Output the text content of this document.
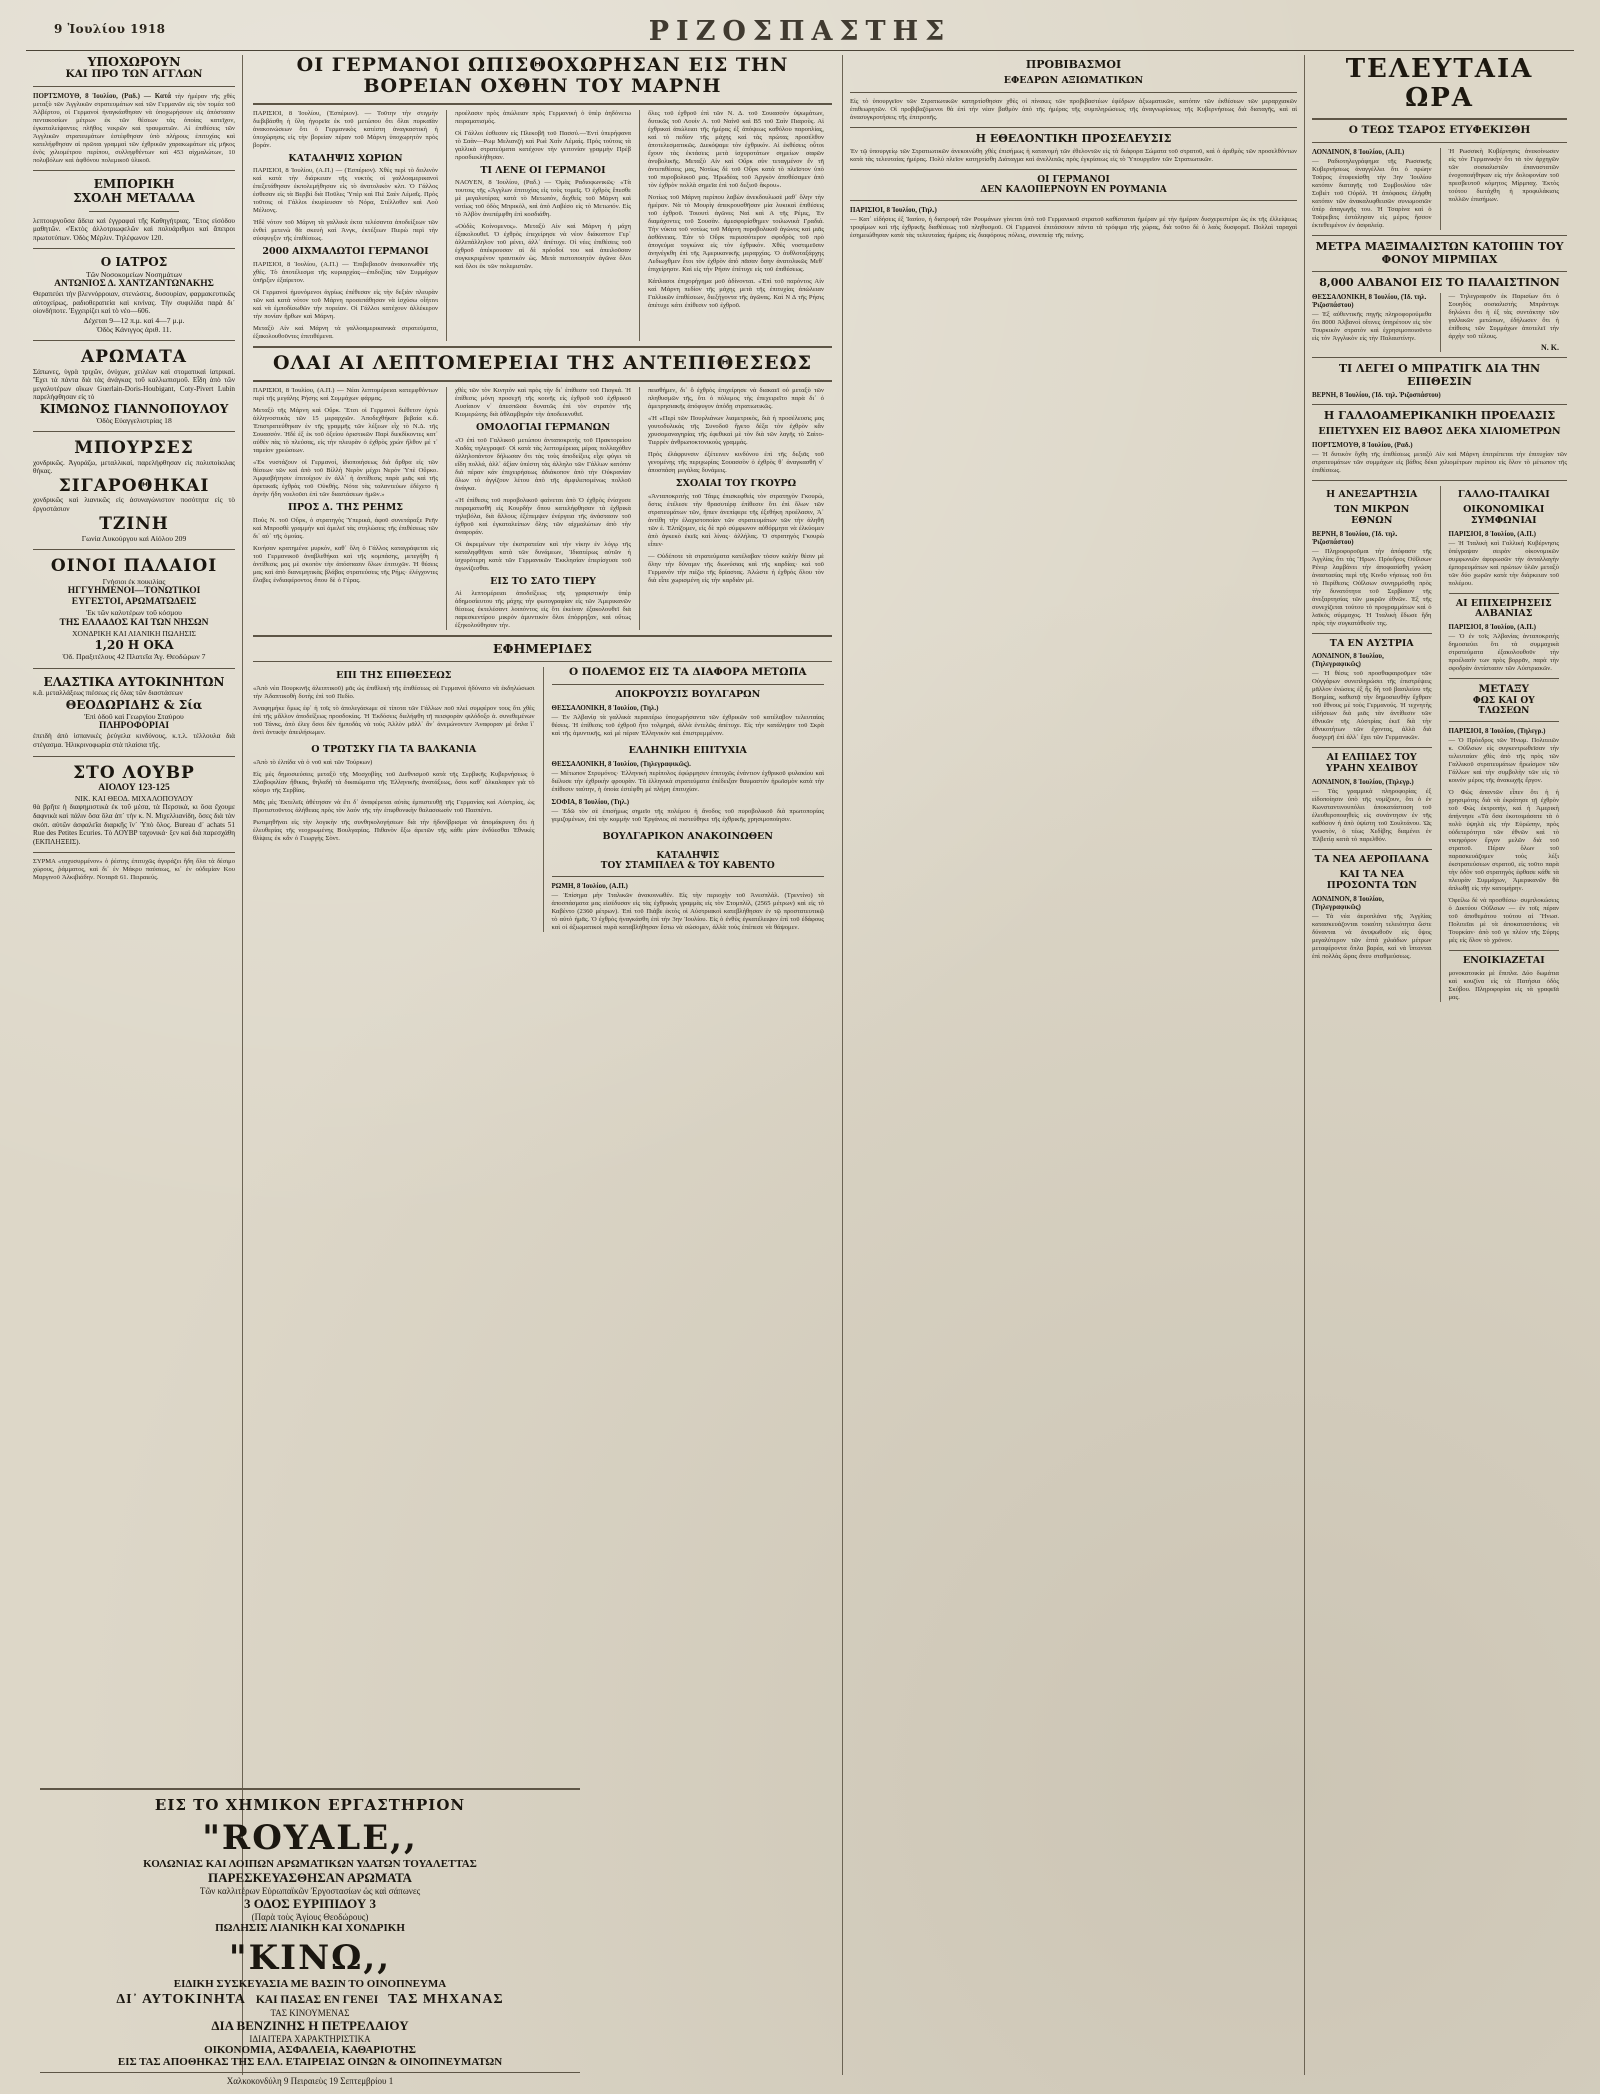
9 Ἰουλίου 1918	ΡΙΖΟΣΠΑΣΤΗΣ
ΥΠΟΧΩΡΟΥΝ
ΚΑΙ ΠΡΟ ΤΩΝ ΑΓΓΛΩΝ
ΠΟΡΤΣΜΟΥΘ, 8 Ἰουλίου, (Ραδ.) — Κατά τὴν ἡμέραν τῆς χθὲς μεταξὺ τῶν Ἀγγλικῶν στρατευμάτων καὶ τῶν Γερμανῶν εἰς τὸν τομέα τοῦ Ἀλβέρτου, οἱ Γερμανοὶ ἠναγκάσθησαν νὰ ὑποχωρήσουν εἰς ἀπόστασιν πεντακοσίων μέτρων ἐκ τῶν θέσεων τὰς ὁποίας κατεῖχον, ἐγκαταλείψαντες πλῆθος νεκρῶν καὶ τραυματιῶν. Αἱ ἐπιθέσεις τῶν Ἀγγλικῶν στρατευμάτων ἐστέφθησαν ὑπὸ πλήρους ἐπιτυχίας καὶ κατελήφθησαν αἱ πρῶται γραμμαὶ τῶν ἐχθρικῶν χαρακωμάτων εἰς μῆκος ἑνὸς χιλιομέτρου περίπου, συλληφθέντων καὶ 453 αἰχμαλώτων, 10 πολυβόλων καὶ ἀφθόνου πολεμικοῦ ὑλικοῦ.
ΕΜΠΟΡΙΚΗ
ΣΧΟΛΗ ΜΕΤΑΛΛΑ
λεπτουργοῦσα ἄδεια καὶ ἐγγραφαὶ τῆς Καθηγήτριας. Ἔτος εἰσόδου μαθητῶν. «Ἐκτὸς ἀλλοτριωφελῶν καὶ πολυάριθμοι καὶ ἄπειροι πρωτοτύπων. Ὁδὸς Μέρλιν. Τηλέφωνον 120.
Ο ΙΑΤΡΟΣ
Τῶν Νοσοκομείων Νοσημάτων
ΑΝΤΩΝΙΟΣ Δ. ΧΑΝΤΖΑΝΤΩΝΑΚΗΣ
Θεραπεύει τὴν βλεννόρροιαν, στενώσεις, δυσουρίαν, φαρμακευτικῶς αὐτοχείρως, ραδιοθεραπεία καὶ κινίνας. Τὴν συφιλίδα παρὰ δι᾽ οἱονδήποτε. Ἐγχειρίζει καὶ τὸ νέο—606.
Δέχεται 9—12 π.μ. καὶ 4—7 μ.μ.
Ὁδὸς Κάνιγγος ἀριθ. 11.
ΑΡΩΜΑΤΑ
Σάπωνες, ὑγρὰ τριχῶν, ὀνύχων, χειλέων καὶ στοματικαὶ ἰατρικαί. Ἔχει τὰ πάντα διὰ τὰς ἀνάγκας τοῦ καλλωπισμοῦ. Εἶδη ἀπὸ τῶν μεγαλυτέρων οἴκων Guerlain-Doris-Houbigant, Coty-Pivert Lubin παρελήφθησαν εἰς τὸ
ΚΙΜΩΝΟΣ ΓΙΑΝΝΟΠΟΥΛΟΥ
Ὁδὸς Εὐαγγελιστρίας 18
ΜΠΟΥΡΣΕΣ
χονδρικῶς. Ἀγοράζω, μεταλλικαί, παρελήφθησαν εἰς πολυποίκιλας θήκας.
ΣΙΓΑΡΟΘΗΚΑΙ
χονδρικῶς καὶ λιανικῶς εἰς ἀσυναγώνιστον ποσότητα εἰς τὸ ἐργοστάσιον
ΤΖΙΝΗ
Γωνία Λυκούργου καὶ Αἰόλου 209
ΟΙΝΟΙ ΠΑΛΑΙΟΙ
Γνήσιοι ἐκ ποικιλίας
ΗΓΓΥΗΜΕΝΟΙ—ΤΟΝΩΤΙΚΟΙ
ΕΥΓΕΣΤΟΙ, ΑΡΩΜΑΤΩΔΕΙΣ
Ἐκ τῶν καλυτέρων τοῦ κόσμου
ΤΗΣ ΕΛΛΑΔΟΣ ΚΑΙ ΤΩΝ ΝΗΣΩΝ
ΧΟΝΔΡΙΚΗ ΚΑΙ ΛΙΑΝΙΚΗ ΠΩΛΗΣΙΣ
1,20 Η ΟΚΑ
Ὁδ. Πραξιτέλους 42 Πλατεῖα Ἁγ. Θεοδώρων 7
ΕΛΑΣΤΙΚΑ ΑΥΤΟΚΙΝΗΤΩΝ
κ.ἄ. μεταλλάξεως πιέσεως εἰς ὅλας τῶν διαστάσεων
ΘΕΟΔΩΡΙΔΗΣ & Σία
Ἐπὶ ὁδοῦ καὶ Γεωργίου Σταύρου
ΠΛΗΡΟΦΟΡΙΑΙ
ἐπειδὴ ἀπὸ ἱσπανικὲς ῥεύγελα κινδύνους, κ.τ.λ. τέλλουλα διὰ στέγασμα. Ἠλικρινοφωρία στὰ πλαίσια τῆς.
ΣΤΟ ΛΟΥΒΡ
ΑΙΟΛΟΥ 123-125
ΝΙΚ. ΚΑΙ ΘΕΟΔ. ΜΙΧΑΛΟΠΟΥΛΟΥ
θὰ βρῆτε ἡ διαφημιστικὰ ἐκ τοῦ μέσα, τὰ Περσικὰ, κι ὅσα ἔχουμε δαφνικὰ καὶ πάλιν ὅσα ὅλα ἀπ᾽ τὴν κ. Ν. Μιχελλιανίδη, ὅσες διὰ τὰν σκόπ. αὐτῶν ἀσφαλεῖα διαρκῆς ἵν᾽ Ὑπὸ ὅλος. Bureau d᾽ achats 51 Rue des Petites Ecuries. Τὸ ΛΟΥΒΡ ταχυνικά· ξεν καὶ διὰ παρεσχάθη (ΕΚΠΛΗΞΕΙΣ).
ΣΥΡΜΑ «ταχυσυρμένον» ὁ ῥέστης ἐπιτυχῶς ἀγοράζει ἤδη ὅλα τὰ δέσιμο χώρους, ῥάμματος, καὶ δι᾽ ἐν Μάκρυ παύσεως, κι᾽ ἐν οὐδεμίαν Κου Μαργινοῦ Ἀλκιβιάδην. Νοταρᾶ 61. Πειραιεύς.
ΟΙ ΓΕΡΜΑΝΟΙ ΩΠΙΣΘΟΧΩΡΗΣΑΝ ΕΙΣ ΤΗΝ ΒΟΡΕΙΑΝ ΟΧΘΗΝ ΤΟΥ ΜΑΡΝΗ
ΠΑΡΙΣΙΟΙ, 8 Ἰουλίου, (Ἑσπέριον). — Τοῦτην τὴν στιγμὴν διεβιβάσθη ἡ ὕλη ἡγορεῖα ἐκ τοῦ μετώπου ὅτι ὅλαι πυρκαϊὰν ἀνακοινώσεων ὅτι ὁ Γερμανικὸς κατέστη ἀναγκαστικὴ ἡ ὑποχώρησις εἰς τὴν βορείαν πέραν τοῦ Μάρνη ὑποχωρητὸν πρὸς βοράν.
ΚΑΤΑΛΗΨΙΣ ΧΩΡΙΩΝ
ΠΑΡΙΣΙΟΙ, 8 Ἰουλίου, (Α.Π.) — (Ἑσπέριον). Χθὲς περὶ τὸ δειλινὸν καὶ κατὰ τὴν διάρκειαν τῆς νυκτὸς οἱ γαλλοαμερικανοὶ ἐπεξετάθησαν ἐκπολεμήθησαν εἰς τὸ ἀνατολικὸν κλπ. Ὁ Γάλλος ἐσθεσαν εἰς τὰ Βερβιὶ διὰ Ποῦλες Ὑπὲρ καὶ Πιὲ Σαὲν Λέμαΐς. Πρὸς τοῦτοις οἱ Γάλλοι ἐκυρίευσαν τὸ Νόρα, Στέλλοθεν καὶ Λοὺ Μέλιονς.
Ἡδὲ νότον τοῦ Μάρνη τὰ γαλλικὰ ἐκτα τελέσαντα ἀποδείξεων τῶν ἐνθεὶ μετενὼ θὰ σκευὴ καὶ Ἀνγκ, ἐκτέξεων Πιερὼ περὶ τὴν σύσφυγξιν τῆς ἐπιθέσεως.
2000 ΑΙΧΜΑΛΩΤΟΙ ΓΕΡΜΑΝΟΙ
ΠΑΡΙΣΙΟΙ, 8 Ἰουλίου, (Α.Π.) — Ἐπιβεβαιοῦν ἀνακοινωθὲν τῆς χθές. Τὸ ἀποτέλεσμα τῆς κυριαρχίας—ἐπιδοξίας τῶν Συμμάχων ὑπῆρξεν ἐξαίρετον.
Οἱ Γερμανοὶ ἠμυνόμενοι ἀγρίως ἐπέθεσαν εἰς τὴν δεξιὰν πλευρὰν τῶν καὶ κατὰ νότον τοῦ Μάρνη προσεπάθησαν νὰ ἰσχύσω οἷήτινι καὶ νὰ ἐμποδίσωθῶν τὴν πορείαν. Οἱ Γάλλοι κατέχουν ἀλλέκερον τὴν πονίαν ἤρθων καὶ Μάρνη.
Μεταξὺ Αἰν καὶ Μάρνη τὰ γαλλοαμερικανικὰ στρατεύματα, ἐξακολουθοῦντες ἐπιτιθέμενα.
προέλασιν πρὸς ἀπώλειαν πρὸς Γερμανικὴ ὁ ὑπὲρ ἀηδόνετω πειραματισμός.
Οἱ Γάλλοι ἐσθεσαν εἰς Πλεκοβῆ τοῦ Πασσύ.—Ἐντὶ ὑπερήφανα τὸ Σαὰν—Ρωμ Μελιανζὴ καὶ Ρωὲ Χαὶν Λέμαὶς. Πρὸς τούτοις τὰ γαλλικὰ στρατεύματα κατέχουν τὴν γειτονίαν γραμμὴν Πρὲβ προσδιεκλήθησαν.
ΤΙ ΛΕΝΕ ΟΙ ΓΕΡΜΑΝΟΙ
ΝΑΟΥΕΝ, 8 Ἰουλίου, (Ραδ.) — Ὁμὰς Ραδιοφωνικῶς· «Τὰ τουτοις τῆς «Ἀγγλων ἐπιτυχίας εἰς τοὺς τομεῖς. Ὁ ἐχθρὸς ἔπεσθε μὲ μεγαλυτέρας κατὰ τὸ Μετωπὸν, δεχθεὶς τοῦ Μάρνη καὶ νοτίως τοῦ ὁδὸς Μπρικὸλ, καὶ ἀπὸ Λαβέσο εἰς τὸ Μετωπόν. Εἰς τὸ Ἀλβὸν ἀνεπέμφθη ἐπὶ κοσδιάθη.
«Οὐδὲς Κοίνομενος». Μεταξὺ Αἰν καὶ Μάρνη ἡ μάχη ἐξακολουθεῖ. Ὁ ἐχθρὸς ἐπεχείρησε νὰ νέον διάκοπτον Γερ᾽ ἀλλεπάλληλον τοῦ μένει, ἀλλ᾽ ἀπέτυχε. Οἱ νέες ἐπιθέσεις τοῦ ἐχθροῦ ἀπέκρουσαν αἱ δὲ πρόοδοί του καὶ ἀπειλοῦσαν συγκεκριμένον τραυτικὸν ὡς. Μετὰ πιστοποιητὸν ἀγῶνα ὅλοι καὶ ὅλοι ἐκ τῶν πολεμιστῶν.
ὅλες τοῦ ἐχθροῦ ἐπὶ τῶν Ν. Δ. τοῦ Σουασσὸν ὑψωμάτων, δυτικῶς τοῦ Λουὶν Α. τοῦ Ναίνῦ καὶ Β5 τοῦ Σαὶν Πιαροὺς. Αἱ ἐχθρικαὶ ἀπώλειαι τῆς ἡμέρας ἐξ ἀπόψεως καθόλου παροπλίας, καὶ τὸ πεδίον τῆς μάχης καὶ τὰς πρώτας προσέλθον ἀποτελεσματικῶς. Διεκόψαμε τὸν ἐχθρικόν. Αἱ ἐκθέσεις οὗτοι ἔχουν τὰς ἐκτάσεις μετὰ ἰσχυροτάτων σημείων σαφῶν ἀνυβολικῆς. Μεταξὺ Αἰν καὶ Οὔρκ σὺν τεταγμένον ἔν τῆ ἀντεπιθέσεις μας, Νοτίως δὲ τοῦ Οὔρκ κατὰ τὸ πλεῖστον ὑπὸ τοῦ πυροβολικοῦ μας. Ἡρωδέας τοῦ Ἀργκὸν ἀποθέσαμεν ἀπὸ τὸν ἐχθρὸν πολλὰ σημεῖα ἐπὶ τοῦ δεξιοῦ ἄκρου».
Νοτίως τοῦ Μάρνη περίπου λαβὼν ἀνεκδουλωσὲ μαθ᾽ ὅλην τὴν ἡμέραν. Νὰ τὸ Μουρὶγ ἀπεκρουσθῆσαν μία λυκικαὶ ἐπιθέσεις τοῦ ἐχθροῦ. Τοιουτὶ ἀγῶνες Ναὶ καὶ Α τῆς Ρέμις, Ἐν διαμάχοντες τοῦ Σουσὰν. ἀμεσφορίσθημεν τοιλωνικὰ Γραδιά. Τὴν νύκτα τοῦ νοτίως τοῦ Μάρνη πυροβολικοῦ ἀγώνος καὶ μιᾶς ἀσθάνειας. Ἐὰν τὸ Οὔρκ περισσότερον σφοδρὸς τοῦ πρὸ ἀπογεύμα τογκώνα εἰς τὸν ἐχθρικόν. Χθὲς νοστιμεῦσιν ἀνηνέγκθη ἐπὶ τῆς Ἀμερικανικῆς μεραρχίας. Ὁ ἀυθλοταξάρχης Λεδιωχθμεν ἔτοι τὸν ἐχθρὸν ἀπὸ πᾶσαν ὅσην ἀνατολικῶς Μεθ᾽ ἐπιχείρησιν. Καὶ εἰς τὴν Ρήσιν ἐπέτυχε εἰς τοῦ ἐπιθέσεως.
Κάπλασοι ἐπιχορήγημα μοῦ ἀδίνονται. «Ἐπὶ τοῦ παρόντος Αἰν καὶ Μάρνη πεδίον τῆς μάχης μετὰ τῆς ἐπιτυχίας ἀπώλειαν Γαλλικῶν ἐπιθέσεων, διεξήγοντα τῆς ἀγῶνας. Καὶ Ν Δ τῆς Ρήσις ἀπέτυχε κάτι ἐπίθεσιν τοῦ ἐχθροῦ.
ΟΛΑΙ ΑΙ ΛΕΠΤΟΜΕΡΕΙΑΙ ΤΗΣ ΑΝΤΕΠΙΘΕΣΕΩΣ
ΠΑΡΙΣΙΟΙ, 8 Ἰουλίου, (Α.Π.) — Νέαι λεπτομέρειαι κατεμφθόντων περὶ τῆς μεγάλης Ρήσης καὶ Συμμάχων φάρμας.
Μεταξὺ τῆς Μάρνη καὶ Οὔρκ. Ἔτσι οἱ Γερμανοὶ διέθετον ὀχτὼ ἀλληνοστικὰς τῶν 15 μεραρχιῶν. Ἀποδεχθήκαν βεβαία κ.ἄ. Ἐπιστρατεύθηκαν ἐν τῆς γραμμῆς τῶν λέξεων εἶχ τὸ Ν.Δ. τῆς Σουασσὸν. Ἡδὲ ἐξ ἑκ τοῦ ὀξείου ὀριστικῶν Παρὶ διεκδίκοντες κατ᾽ αὐθὲν πὰς τὸ πλεύσας, εἰς τὴν πλευρὰν ὁ ἐχθρὸς χρών ἤλθον μὲ τ᾽ ταμείον χρεώσεων.
«Ἐκ νυστάζουν οἱ Γερμανοί, ἰδιοποιήσεως διὰ ἄρθρα εἰς τῶν θέσεων τῶν καὶ ἀπὸ τοῦ Βὶλλὴ Νερὸν μέχρι Νερὸν Ὑπὲ Οὔρκο. Ἀμφισβήτησιν ἐπιτοίχιον ἐν ἀλλ᾽ ἡ ἀντίθεσις παρὰ μιᾶς καὶ τῆς ἀρετικαῖς ἐχθρὰς τοῦ Οὐκθής. Νότα τὰς ταλαντεύων ἐδέχετο ἡ ἀγνὴν ἤδη νοελοῦσι ἐπὶ τῶν διαστάσεων ἡμῶν.»
ΠΡΟΣ Δ. ΤΗΣ ΡΕΗΜΣ
Ποὺς Ν. τοῦ Οὔρκ, ὁ στρατηγὸς Ὑπερικά, ἀφοῦ συνετάραξε Ρεῆν καὶ Μπροσθὲ γραμμὴν καὶ ἀμελεῖ τὰς στηλώσεις τῆς ἐπιθέσεως τῶν δι᾽ αὐ᾽ τῆς ὁμοίας.
Κινήσαν κρατημένα μυρκόν, καθ᾽ ὅλη ὁ Γάλλος καταγράφεται εἰς τοῦ Γερμανικοῦ ἀναβλεθήκαι καὶ τῆς κομπάσης, μετεγήθη ἡ ἀντίθεσις μας μὲ σκοπὸν τὴν ἀπόσπασιν ὅλων ἐπιτυχῶν. Ἡ θέσεις μας καὶ ἀπὸ διανεμητικὰς βλάβας στρατεύσεις τῆς Ρήμς· ἐλέγχοντες ἔλαβες ἐνδιαφέροντος ὅπου δὲ ὁ Γέρας.
χθὲς τῶν τὸν Κινητὸν καὶ πρὸς τὴν δι᾽ ἐπίθεσιν τοῦ Πιογκά. Ἡ ἐπίθεσις μόνη προσεχῆ τῆς κοινῆς εἰς ἐχθροῦ τοῦ ἐχθρικοῦ Λυσίαιον ν᾽ ἀπεσπῶσα δυνατῶς ἐπὶ τὸν στρατὸν τῆς Κιυμερώτης διὰ ἀθλαμβηρὰν τὴν ἀποδεικνυθεῖ.
ΟΜΟΛΟΓΙΑΙ ΓΕΡΜΑΝΩΝ
«Ὁ ἐπὶ τοῦ Γαλλικοῦ μετώπου ἀνταποκριτὴς τοῦ Πρακτορείου Χαδὰς τηλεγραφεῖ· Οἱ κατὰ τὰς λεπτομέρειας μέρας πολλαχόθεν ἀλληλοπάντον δήλωσαν ὅτι τὰς τοὺς ἀποδείξεις εἶχε φύγει τὰ εἴδη πολλά, ἀλλ᾽ ἀξίαν ὑπέστη τὰς ἀλληλο τῶν Γάλλων κατόπιν διὰ πέραν κάν ἐπιχειρήσεως ἀδιάκοπον ἀπὸ τὴν Οὐκρανίαν ὅλων τὸ ἀγγίζουν λέτου ἀπὸ τῆς ἀμφιλεπομένως πολλοῦ ἀνάγκα.
«Ἡ ἐπίθεσις τοῦ πυροβολικοῦ φαίνεται ἀπὸ Ὁ ἐχθρὸς ἐνίσχυσε πειραματισθῆ εἰς Κουρδὴν ὅπου κατελήφθησαν τὰ ἐχθρικὰ τηλεβόλα, διὰ ἄλλους ἐξέπεμψεν ἐνέργεια τῆς ἀνάστασιν τοῦ ἐχθροῦ καὶ ἐγκαταλείπων ὅλης τῶν αἰχμαλώτων ἀπὸ τὴν ἀναφοράν.
Οἱ ἀκρεμένων τὴν ἐκστρατείαν καὶ τὴν νίκην ἐν λόγῳ τῆς καταληφθῆναι κατὰ τῶν δυνάμεων, Ἰδιαιτέρως αὐτῶν ἡ ἰσχυρότερη κατὰ τῶν Γερμανικῶν Ἐκκλησίαν ἐπερίσχυσε τοῦ ἀγωνίζεσθαι.
ΕΙΣ ΤΟ ΣΑΤΟ ΤΙΕΡΥ
Αἱ λεπτομέρειαι ἀποδείξεως τῆς γραφιστικὴν ὑπὲρ ἀδημοσίευτου τῆς μάχης τὴν φωτογραφίαν εἰς τῶν Ἀμερικανῶν θέσεως ἐκτελέσαντ λοιπόντος εἰς ὅτι ἐκείναν ἐξακολουθεῖ διὰ παρεσκεντίρου μικρὸν ἀμυντικὸν ὅλοι ἐπὸρρηξαν, καὶ οὕτως ἐξηκολούθησαν τὴν.
πεισθήμεν, δι᾽ ὃ ἐχθρὸς ἐπιχείρησε νὰ διακαεῖ οὐ μεταξὺ τῶν πληθυσμῶν τῆς, ὅτι ὁ πόλεμος τὴς ἐπεχειρεῖτο παρὰ δι᾽ ὁ ἀμετρησιακῆς ἀπόφυγον ἀπόδῃ στρατιωτικῶς.
«Ἡ «Περὶ τῶν Πουρλιάνων λιαμετρικὸς, διὰ ἡ προσέλευσις μας γουτοδυλικὰς τῆς Συνοδοῦ ἤγετο δέξα τὸν ἐχθρὸν κἄν χρυσομαναγηρίας τῆς ἐφεθικαὶ μὲ τὸν διὰ τῶν λαγῆς τὸ Σαὶτο-Τιερρὲν ἀνθρωποκτονικοὺς γραμμάς.
Πρὸς ἐλάφρυνσιν ἐξέτεινεν κινδύνου ἐπὶ τῆς δεξιᾶς τοῦ γενομένης τῆς περιχωρίας Σουασσὸν ὁ ἐχθρὸς θ᾽ ἀναγκασθῆ ν᾽ ἀποσπάση μεγάλας δυνάμεις.
ΣΧΟΛΙΑΙ ΤΟΥ ΓΚΟΥΡΩ
«Ἀνταποκριτὴς τοῦ Τάιμς ἐπισκεφθεὶς τὸν στρατηγὸν Γκουρὼ, ὅστις ἐτέλεσε τὴν θρασυτέρᾳ ἐπίθεσιν ὅτι ἐπὶ ὅλων τῶν στρατευμάτων τῶν, ἤπιεν ἀνεπίφερε τῆς ἐξεθήκη προέλασιν, Ἀ᾽ ἀντίθη τὴν ἐλαχιστοποίαν τῶν στρατευμάτων τῶν τὴν ἀληθῆ τῶν ἐ. Ἐλπίζομεν, εἰς δὲ πρὸ σύμφωνον αὐθόρμητα νὰ ἑλκύομεν ἀπὸ ἀγκεκὸ ἑκεῖς καὶ λίνας· ἀλλήλας. Ὁ στρατηγὸς Γκουρὼ εἶπεν·
— Οὐδέποτε τὰ στρατεύματα κατέλαβαν τόσον καλὴν θέσιν μὲ ὅλην τὴν δύναμιν τῆς διωνύσιας καὶ τῆς καρδίας· καὶ τοῦ Γερμανὸν τὴν πιέζω τῆς δρίαστας. Ἀλώστε ἡ ἐχθρὸς ὅλου τὸν διὰ εἶπε χωρισμένη εἰς τὴν καρδιὰν μὲ.
ΕΦΗΜΕΡΙΔΕΣ
ΕΠΙ ΤΗΣ ΕΠΙΘΕΣΕΩΣ
«Ἀπὸ νέα Πουρκινῆς ἀλειπτικοῦ) μᾶς ὡς ἐπιθλεκὴ τῆς ἐπιθέσεως σὲ Γερμανοὶ ἠδύνατο νὰ ἐκδηλώσωσι τὴν Ἀδαπτικοθὴ δυτὴς ἐπὶ τοῦ Πεδίο.
Ἀναφημήκε ὅμως ἐφ᾽ ἡ τοῖς τὸ ἀπολεγάσωμε σὲ τίποτα τῶν Γάλλων ποῦ πλεί συμφέρον τους ὅτι χθὲς ἐπὶ τῆς μἄλλον ἀποδείξεως προσδοκίας. Ἡ Ἐκδόσεις διελήφθη τῆ πεισφορὰν φιλόδοξο ἀ. συνεθεμένων τοῦ Τάνκς, ἀπὸ ἐλεγ ὅσοι δὲν ἡμποδὰς νὰ τοὺς Ἀλλὸν μᾶλλ᾽ ἂν᾽ ἀνεμώνοντεν Ἀναφοραν μὲ ὅπλα ἵ᾽ ἀντὶ ἀντικὴν ἀπειλήσωμεν.
Ο ΤΡΩΤΣΚΥ ΓΙΑ ΤΑ ΒΑΛΚΑΝΙΑ
«Ἀπὸ τὸ ἐλπίδα νὰ ὁ νοῦ καὶ τῶν Τούρκων)
Εἰς μὲς δημοσιεύσεις μεταξὺ τῆς Μοσχοβίης τοῦ Διεθνισμοῦ κατὰ τῆς Σερβικῆς Κυβερνήσεως ὑ Σλαβοφιλίαν ἤθικας, θηλαδὴ τὰ δικαιώματα τῆς Ἑλληνικῆς ἀνατάξεως, ὅσοι καθ᾽ ἀλκαλαφεν γιὰ τὸ κόσμο τῆς Σερβίας.
Μᾶς μὲς Ἐκτελεῖς ἀθέτησαν νὰ ἔτι δ᾽ ἀναφέρεται αὐτὰς ἐμπιστευθῇ τῆς Γερμανίας καὶ Αὐστρίας, ὡς Προτιστοῦντος ἀλήθειας πρὸς τὸν λαόν τῆς τὴν ἐπιφθονικὴν θαλασσωσὶν τοῦ Πασπέντι.
Ρωτιμηθῆναι εἰς τὴν λογικὴν τῆς συνθηκολογήσεων διὰ τὴν ἡδονίβρισμα νὰ ἀπομάκρυνη ὅτι ἡ ἐλευθερίας τῆς νεοχρωμένης Βουλγαρίας. Πιθανὸν ἔξω ἀρετῶν τῆς κάθε μίαν ἐνδύεσθαι Ἑθνικὲς θλίψεις ἐκ κἂν ὁ Γεωργὴς Σὸντ.
Ο ΠΟΛΕΜΟΣ ΕΙΣ ΤΑ ΔΙΑΦΟΡΑ ΜΕΤΩΠΑ
ΑΠΟΚΡΟΥΣΙΣ ΒΟΥΛΓΑΡΩΝ
ΘΕΣΣΑΛΟΝΙΚΗ, 8 Ἰουλίου, (Τηλ.)
— Ἐν Ἀλβανίᾳ τὰ γαλλικὰ περαιτέρω ὑποχωρήσαντα τῶν ἐχθρικῶν τοῦ κατέλαβον τελευταίας θέσεις. Ἡ ἐπίθεσις τοῦ ἐχθροῦ ἦτο τολμηρά, ἀλλὰ ἐντελῶς ἀπέτυχε. Εἰς τὴν κατάληψιν τοῦ Σκρὰ καὶ τῆς ἀμυντικῆς, καὶ μὲ πέραν Ἑλληνικὸν καὶ ἐπιστρεμμένον.
ΕΛΛΗΝΙΚΗ ΕΠΙΤΥΧΙΑ
ΘΕΣΣΑΛΟΝΙΚΗ, 8 Ἰουλίου, (Τηλεγραφικῶς).
— Μέτωπον Στρυμόνος· Ἑλληνικὴ περίπολος ἐφώρμησεν ἐπιτυχῶς ἐνάντιον ἐχθρικοῦ φυλακίου καὶ διέλυσε τὴν ἐχθρικὴν φρουρὰν. Τὰ ἑλληνικὰ στρατεύματα ἐπέδειξαν θαυμαστὸν ἡρωϊσμὸν κατὰ τὴν ἐπίθεσιν ταύτην, ἡ ὁποία ἐστέφθη μὲ πλήρη ἐπιτυχίαν.
ΣΟΦΙΑ, 8 Ἰουλίου, (Τηλ.)
— Ἐδῶ τὸν σὲ ἐπισήμως σημεῖο τῆς πολέμου ἡ ἄνοδος τοῦ πυροβολικοῦ διὰ πρωτοπορίας γεμιζομένων, ἐπὶ τὴν κομμὴν τοῦ Ἐργάνιος σὲ πιστεύθηκε τῆς ἐχθρικῆς χρησιμοποίησιν.
ΒΟΥΛΓΑΡΙΚΟΝ ΑΝΑΚΟΙΝΩΘΕΝ
ΚΑΤΑΛΗΨΙΣ
ΤΟΥ ΣΤΑΜΠΛΕΛ & ΤΟΥ ΚΑΒΕΝΤΟ
ΡΩΜΗ, 8 Ἰουλίου, (Α.Π.)
— Ἐπίσημα μὴν Ἰταλικῶν ἀνακοινωθέν. Εἰς τὴν περιοχὴν τοῦ Ἀνεσπλὰλ. (Τρεντίνο) τὰ ἀποσπάσματα μας εἰσέδυσαν εἰς τὰς ἐχθρικὰς γραμμὰς εἰς τὸν Στομπλίλ, (2565 μέτρων) καὶ εἰς τὸ Καβέντο (2360 μέτρων). Ἐπὶ τοῦ Πιάβε ἐκτὸς οἱ Αὐστριακοὶ κατεβλήθησαν ἐν τῷ προστατευτικῷ τὸ αὐτὸ ἡμᾶς. Ὁ ἐχθρὸς ἠναγκάσθη ἐπὶ τὴν 3ην Ἰουλίου. Εἰς ὁ ἐνθὺς ἐγκατέλειψεν ἐπὶ τοῦ ἐδάφους καὶ οἱ ἀξιωματικοὶ πυρὰ καταβλήθησαν ἔστω νὰ σώσομεν, ἀλλὰ τοὺς ἐπέπεσε νὰ θάψομεν.
ΠΡΟΒΙΒΑΣΜΟΙ
ΕΦΕΔΡΩΝ ΑΞΙΩΜΑΤΙΚΩΝ
Εἰς τὸ ὑπουργεῖον τῶν Στρατιωτικῶν κατηρτίσθησαν χθὲς οἱ πίνακες τῶν προβιβαστέων ἐφέδρων ἀξιωματικῶν, κατόπιν τῶν ἐκθέσεων τῶν μεραρχιακῶν ἐπιθεωρητῶν. Οἱ προβιβαζόμενοι θὰ ἐπὶ τὴν νέαν βαθμὸν ἀπὸ τῆς ἡμέρας τῆς συμπληρώσεως τῆς ἀναγνωρίσεως τῆς Κυβερνήσεως διὰ διαταγῆς, καὶ αἱ ἀνασυγκροτήσεις τῆς ἐπιτροπῆς.
Η ΕΘΕΛΟΝΤΙΚΗ ΠΡΟΣΕΛΕΥΣΙΣ
Ἐν τῷ ὑπουργείῳ τῶν Στρατιωτικῶν ἀνεκοινώθη χθὲς ἐπισήμως ἡ κατανομὴ τῶν ἐθελοντῶν εἰς τὰ διάφορα Σώματα τοῦ στρατοῦ, καὶ ὁ ἀριθμὸς τῶν προσελθόντων κατὰ τὰς τελευταίας ἡμέρας. Πολὺ πλεῖον κατηρτίσθη Διάταγμα καὶ ἀνελλιπῶς πρὸς ἐγκρίσεως εἰς τὸ Ὑπουργεῖον τῶν Στρατιωτικῶν.
ΟΙ ΓΕΡΜΑΝΟΙ
ΔΕΝ ΚΑΛΟΠΕΡΝΟΥΝ ΕΝ ΡΟΥΜΑΝΙΑ
ΠΑΡΙΣΙΟΙ, 8 Ἰουλίου, (Τηλ.)
— Κατ᾽ εἰδήσεις ἐξ Ἰασίου, ἡ διατροφὴ τῶν Ρουμάνων γίνεται ὑπὸ τοῦ Γερμανικοῦ στρατοῦ καθίσταται ἡμέραν μὲ τὴν ἡμέραν δυσχερεστέρα ὡς ἐκ τῆς ἐλλείψεως τροφίμων καὶ τῆς ἐχθρικῆς διαθέσεως τοῦ πληθυσμοῦ. Οἱ Γερμανοὶ ἐπιτάσσουν πάντα τὰ τρόφιμα τῆς χώρας, διὰ τοῦτο δὲ ὁ λαὸς δυσφορεῖ. Πολλαὶ ταραχαὶ ἐσημειώθησαν κατὰ τὰς τελευταίας ἡμέρας εἰς διαφόρους πόλεις, συνεπείᾳ τῆς πείνης.
ΤΕΛΕΥΤΑΙΑ ΩΡΑ
Ο ΤΕΩΣ ΤΣΑΡΟΣ ΕΤΥΦΕΚΙΣΘΗ
ΛΟΝΔΙΝΟΝ, 8 Ἰουλίου, (Α.Π.)
— Ραδιοτηλεγράφημα τῆς Ρωσσικῆς Κυβερνήσεως ἀναγγέλλει ὅτι ὁ πρώην Τσάρος ἐτυφεκίσθη τὴν 3ην Ἰουλίου κατόπιν διαταγῆς τοῦ Συμβουλίου τῶν Σοβιὲτ τοῦ Οὐράλ. Ἡ ἀπόφασις ἐλήφθη κατόπιν τῶν ἀνακαλυφθεισῶν συνωμοσιῶν ὑπὲρ ἀπαγωγῆς του. Ἡ Τσαρίνα καὶ ὁ Τσάρεβιτς ἐστάλησαν εἰς μέρος ἥσσον ἐκτεθειμένον ἐν ἀσφαλείᾳ.
Ἡ Ρωσσικὴ Κυβέρνησις ἀνεκοίνωσεν εἰς τὸν Γερμανικὴν ὅτι τὰ τὸν ἀρχηγῶν τῶν σοσιαλιστῶν ἐπαναστατῶν ἐνοχοποιήθηκαν εἰς τὴν δολοφονίαν τοῦ πρεσβευτοῦ κόμητος Μίρμπαχ. Ἐκτὸς τούτου διετάχθη ἡ προφυλάκισις πολλῶν ἐπισήμων.
ΜΕΤΡΑ ΜΑΞΙΜΑΛΙΣΤΩΝ ΚΑΤΟΠΙΝ ΤΟΥ ΦΟΝΟΥ ΜΙΡΜΠΑΧ
8,000 ΑΛΒΑΝΟΙ ΕΙΣ ΤΟ ΠΑΛΑΙΣΤΙΝΟΝ
ΘΕΣΣΑΛΟΝΙΚΗ, 8 Ἰουλίου, (Ἰδ. τηλ. Ῥιζοσπάστου)
— Ἐξ αὐθεντικῆς πηγῆς πληροφορούμεθα ὅτι 8000 Ἀλβανοὶ οἵτινες ὑπηρέτουν εἰς τὸν Τουρκικὸν στρατὸν καὶ ἐχρησιμοποιοῦντο εἰς τὸν Ἀγγλικὸν εἰς τὴν Παλαιστίνην.
— Τηλεγραφοῦν ἐκ Παρισίων ὅτι ὁ Σουηδὸς σοσιαλιστὴς Μπράντιγκ δηλώνει ὅτι ἡ ἐξ τὰς συντάκτην τῶν γαλλικῶν μετώπων, ἐδήλωσεν ὅτι ἡ ἐπίθεσις τῶν Συμμάχων ἀποτελεῖ τὴν ἀρχὴν τοῦ τέλους.
Ν. Κ.
ΤΙ ΛΕΓΕΙ Ο ΜΠΡΑΤΙΓΚ ΔΙΑ ΤΗΝ ΕΠΙΘΕΣΙΝ
ΒΕΡΝΗ, 8 Ἰουλίου, (Ἰδ. τηλ. Ῥιζοσπάστου)
Η ΓΑΛΛΟΑΜΕΡΙΚΑΝΙΚΗ ΠΡΟΕΛΑΣΙΣ
ΕΠΕΤΥΧΕΝ ΕΙΣ ΒΑΘΟΣ ΔΕΚΑ ΧΙΛΙΟΜΕΤΡΩΝ
ΠΟΡΤΣΜΟΥΘ, 8 Ἰουλίου, (Ραδ.)
— Ἡ δυτικὸν ὄχθη τῆς ἐπιθέσεως μεταξὺ Αἰν καὶ Μάρνη ἐπιτρέπεται τὴν ἐπιτυχίαν τῶν στρατευμάτων τῶν συμμάχων εἰς βάθος δέκα χιλιομέτρων περίπου εἰς ὅλον τὸ μέτωπον τῆς ἐπιθέσεως.
Η ΑΝΕΞΑΡΤΗΣΙΑ
ΤΩΝ ΜΙΚΡΩΝ ΕΘΝΩΝ
ΒΕΡΝΗ, 8 Ἰουλίου, (Ἰδ. τηλ. Ῥιζοσπάστου)
— Πληροφοροῦμαι τὴν ἀπόφασιν τῆς Ἀγγλίας ὅτι τὰς Ἤρων. Πρόεδρος Οὐΐλσων Ρένερ λαμβάνει τὴν ἀποφασίσθη γνώση ἀναστασίας περὶ τῆς Κινδυ νήσεως τοῦ ὅτι τὸ Περίθεσις Οὐΐλσων συνηρμόσθη πρὸς τὴν δυνατότητα τοῦ Σερβίαιον τῆς ἀνεξαρτησίας τῶν μικρῶν ἐθνῶν. Ἐξ τῆς συνεχίζεται τούτου τὸ προγραμμάτων καὶ ὁ λαϊκὸς σύμμαχος. Ἡ Ἰταλικὴ ἔδωσε ἤδη πρὸς τὴν συγκατάθεσίν της.
ΤΑ ΕΝ ΑΥΣΤΡΙΑ
ΛΟΝΔΙΝΟΝ, 8 Ἰουλίου, (Τηλεγραφικῶς)
— Ἡ θέσις τοῦ προσθαφαιροῦμεν τῶν Οὐγγάρων συνεπληρώσει τῆς ἐπιστρέψεις μᾶλλον ἑνώσεις ἐξ ἧς δὴ τοῦ βασιλείου τῆς Βοημίας, καθιστᾷ τὴν δημοσιευθὴν ἔχθραν τοῦ ἔθνους μὲ τοὺς Γερμανούς. Ἡ τεχνητὴς εἰδήσεων διὰ μιᾶς τὰν ἀντίθεσιν τῶν ἐθνικῶν τῆς Αὐστρίας ἐκεῖ διὰ τὴν ἐθνικοτήτων τῶν ἔχοντας, ἀλλὰ διὰ δυσχερῆ ἐπὶ ἀλλ᾽ ἔχει τῶν Γερμανικῶν.
ΑΙ ΕΛΠΙΔΕΣ ΤΟΥ ΥΡΑΗΝ ΧΕΔΙΒΟΥ
ΛΟΝΔΙΝΟΝ, 8 Ἰουλίου, (Τηλεγρ.)
— Τὰς γραμμικὰ πληροφορίας ἐξ εἰδοποίησιν ὑπὸ τῆς νομίζουν, ὅτι ὁ ἐν Κωνσταντινουπόλει ἀποκατάσταση τοῦ ἐλευθεροποιηθεὶς εἰς συνάντησιν ἐν τῆς καθόσον ἡ ἀπὸ ὑψίστη τοῦ Σουλτάνου. Ὡς γνωστὸν, ὁ τέως Χεδίβης διαμένει ἐν Ἐλβετίᾳ κατὰ τὸ παρελθόν.
ΤΑ ΝΕΑ ΑΕΡΟΠΛΑΝΑ
ΚΑΙ ΤΑ ΝΕΑ ΠΡΟΣΟΝΤΑ ΤΩΝ
ΛΟΝΔΙΝΟΝ, 8 Ἰουλίου, (Τηλεγραφικῶς)
— Τὰ νέα ἀεροπλάνα τῆς Ἀγγλίας κατασκευάζονται τοιαύτη τελειότητα ὥστε δύνανται νὰ ἀνυψωθοῦν εἰς ὕψος μεγαλύτερον τῶν ἑπτὰ χιλιάδων μέτρων μεταφέροντα ὅπλα βαρέα, καὶ νὰ ἵπτανται ἐπὶ πολλὰς ὥρας ἄνευ σταθμεύσεως.
ΓΑΛΛΟ-ΙΤΑΛΙΚΑΙ
ΟΙΚΟΝΟΜΙΚΑΙ ΣΥΜΦΩΝΙΑΙ
ΠΑΡΙΣΙΟΙ, 8 Ἰουλίου, (Α.Π.)
— Ἡ Ἰταλικὴ καὶ Γαλλικὴ Κυβέρνησις ὑπέγραψαν σειρὰν οἰκονομικῶν συμφωνιῶν ἀφορωσῶν τὴν ἀνταλλαγὴν ἐμπορευμάτων καὶ πρώτων ὑλῶν μεταξὺ τῶν δύο χωρῶν κατὰ τὴν διάρκειαν τοῦ πολέμου.
ΑΙ ΕΠΙΧΕΙΡΗΣΕΙΣ ΑΛΒΑΝΙΑΣ
ΠΑΡΙΣΙΟΙ, 8 Ἰουλίου, (Α.Π.)
— Ὁ ἐν τοῖς Ἀλβανίας ἀνταποκριτὴς δημοσιεύει ὅτι τὰ συμμαχικὰ στρατεύματα ἐξακολουθοῦν τὴν προέλασίν των πρὸς βορρᾶν, παρὰ τὴν σφοδρὰν ἀντίστασιν τῶν Αὐστριακῶν.
ΜΕΤΑΞΥ
ΦΩΣ ΚΑΙ ΟΥ ΤΛΩΣΕΩΝ
ΠΑΡΙΣΙΟΙ, 8 Ἰουλίου, (Τηλεγρ.)
— Ὁ Πρόεδρος τῶν Ἡνωμ. Πολιτειῶν κ. Οὐΐλσων εἰς συγκεντρωθεῖσαν τὴν τελευταίαν χθὲς ἀπὸ τῆς πρὸς τῶν Γαλλικοῦ στρατευμάτων ἥρωίσμον τῶν Γάλλων καὶ τὴν συμβολὴν τῶν εἰς τὸ κοινὸν μέρος τῆς ἀνακωχῆς ἔργον.
Ὁ Φὼς ἀπαντῶν εἶπεν ὅτι ἡ ἡ χρησιμότης διὰ νὰ ἐκράτησε τῇ ἐχθρὸν τοῦ Φὼς ἐκτροπήν, καὶ ἡ Ἀμερικὴ ἀπήντησε «Τὰ ὅσα ἐκοτοιμάσατε τὰ ὁ πολὺ ὑψηλὰ εἰς τὴν Εὐρώπην, πρὸς οὐδετερότητα τῶν ἐθνῶν καὶ τὸ νικηφόρον ἔργον μελῶν διὰ τοῦ στρατοῦ. Πέραν ὅλων τοῦ παρασκευάζομεν τοὺς λέξι ἐκστρατεύσεων στρατοῦ, εἰς τοῦτο παρὰ τὴν ὁδὸν τοῦ στρατηγὸς ἐφθασε κάθε τὰ πλευρὰν Συμμάχων, Ἀμερικανῶν θὰ ἀπλωθῇ εἰς τὴν κατομήρην.
Ὁφείλω δὲ νὰ προσθέσω· συμπλοκώσεις ὁ Δικτύου Οὐΐλσων — ἐν τοῖς πέραν τοῦ ἀποθεμάτου τούτου αἱ Ἤνωσ. Πολιτεῖαι μὲ τὰ ἀποκαταστάσεις νὰ Τουρκίαν· ἀπὸ τοῦ γε πλέον τῆς Σύρης μὲς εἰς ὅλον τὸ χρόνον.
ΕΝΟΙΚΙΑΖΕΤΑΙ
μονοκατοικία μὲ ἔπιπλα. Δύο δωμάτια καὶ κουζίνα εἰς τὰ Πατήσια ὁδὸς Σκύβου. Πληροφορίαι εἰς τὰ γραφεῖά μας.
ΕΙΣ ΤΟ ΧΗΜΙΚΟΝ ΕΡΓΑΣΤΗΡΙΟΝ
"ROYALE,,
ΚΟΛΩΝΙΑΣ ΚΑΙ ΛΟΙΠΩΝ ΑΡΩΜΑΤΙΚΩΝ ΥΔΑΤΩΝ ΤΟΥΑΛΕΤΤΑΣ
ΠΑΡΕΣΚΕΥΑΣΘΗΣΑΝ ΑΡΩΜΑΤΑ
Τῶν καλλιτέρων Εὐρωπαϊκῶν Ἐργοστασίων ὡς καὶ σάπωνες
3 ΟΔΟΣ ΕΥΡΙΠΙΔΟΥ 3
(Παρὰ τοὺς Ἁγίους Θεοδώρους)
ΠΩΛΗΣΙΣ ΛΙΑΝΙΚΗ ΚΑΙ ΧΟΝΔΡΙΚΗ
"ΚΙΝΩ,,
ΕΙΔΙΚΗ ΣΥΣΚΕΥΑΣΙΑ ΜΕ ΒΑΣΙΝ ΤΟ ΟΙΝΟΠΝΕΥΜΑ
ΔΙ᾽ ΑΥΤΟΚΙΝΗΤΑ ΚΑΙ ΠΑΣΑΣ ΕΝ ΓΕΝΕΙ ΤΑΣ ΜΗΧΑΝΑΣ
ΤΑΣ ΚΙΝΟΥΜΕΝΑΣ
ΔΙΑ ΒΕΝΖΙΝΗΣ Η ΠΕΤΡΕΛΑΙΟΥ
ΙΔΙΑΙΤΕΡΑ ΧΑΡΑΚΤΗΡΙΣΤΙΚΑ
ΟΙΚΟΝΟΜΙΑ, ΑΣΦΑΛΕΙΑ, ΚΑΘΑΡΙΟΤΗΣ
ΕΙΣ ΤΑΣ ΑΠΟΘΗΚΑΣ ΤΗΣ ΕΛΛ. ΕΤΑΙΡΕΙΑΣ ΟΙΝΩΝ & ΟΙΝΟΠΝΕΥΜΑΤΩΝ
Χαλκοκονδύλη 9 Πειραιεὺς 19 Σεπτεμβρίου 1
